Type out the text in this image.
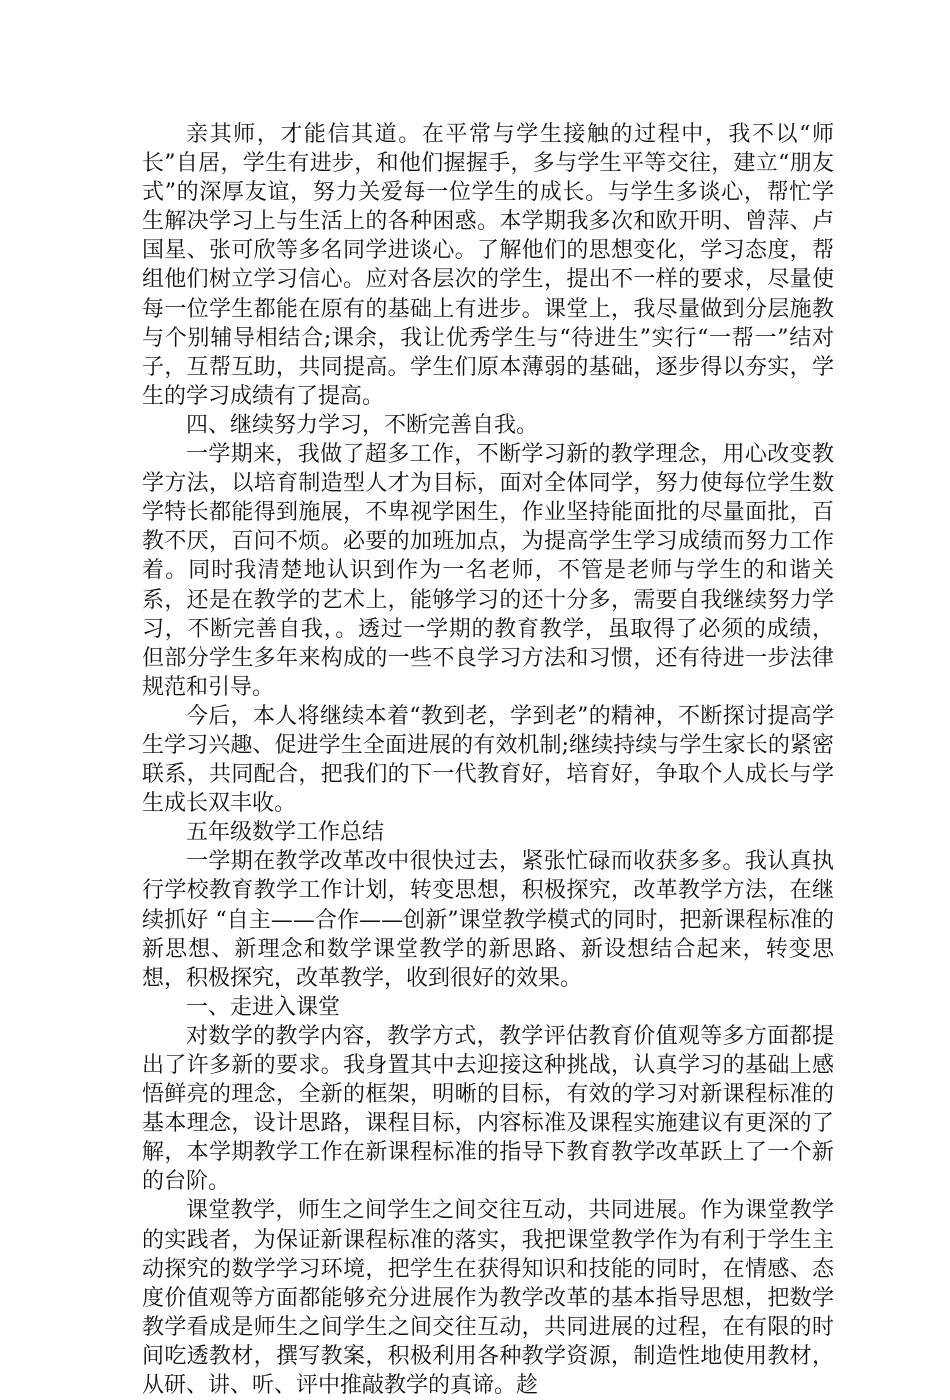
亲其师，才能信其道。在平常与学生接触的过程中，我不以“师长”自居，学生有进步，和他们握握手，多与学生平等交往，建立“朋友式”的深厚友谊，努力关爱每一位学生的成长。与学生多谈心，帮忙学生解决学习上与生活上的各种困惑。本学期我多次和欧开明、曾萍、卢国星、张可欣等多名同学进谈心。了解他们的思想变化，学习态度，帮组他们树立学习信心。应对各层次的学生，提出不一样的要求，尽量使每一位学生都能在原有的基础上有进步。课堂上，我尽量做到分层施教与个别辅导相结合;课余，我让优秀学生与“待进生”实行“一帮一”结对子，互帮互助，共同提高。学生们原本薄弱的基础，逐步得以夯实，学生的学习成绩有了提高。

四、继续努力学习，不断完善自我。

一学期来，我做了超多工作，不断学习新的教学理念，用心改变教学方法，以培育制造型人才为目标，面对全体同学，努力使每位学生数学特长都能得到施展，不卑视学困生，作业坚持能面批的尽量面批，百教不厌，百问不烦。必要的加班加点，为提高学生学习成绩而努力工作着。同时我清楚地认识到作为一名老师，不管是老师与学生的和谐关系，还是在教学的艺术上，能够学习的还十分多，需要自我继续努力学习，不断完善自我，。透过一学期的教育教学，虽取得了必须的成绩，但部分学生多年来构成的一些不良学习方法和习惯，还有待进一步法律规范和引导。

今后，本人将继续本着“教到老，学到老”的精神，不断探讨提高学生学习兴趣、促进学生全面进展的有效机制;继续持续与学生家长的紧密联系，共同配合，把我们的下一代教育好，培育好，争取个人成长与学生成长双丰收。

五年级数学工作总结

一学期在教学改革改中很快过去，紧张忙碌而收获多多。我认真执行学校教育教学工作计划，转变思想，积极探究，改革教学方法，在继续抓好 “自主——合作——创新”课堂教学模式的同时，把新课程标准的新思想、新理念和数学课堂教学的新思路、新设想结合起来，转变思想，积极探究，改革教学，收到很好的效果。

一、走进入课堂

对数学的教学内容，教学方式，教学评估教育价值观等多方面都提出了许多新的要求。我身置其中去迎接这种挑战，认真学习的基础上感悟鲜亮的理念，全新的框架，明晰的目标，有效的学习对新课程标准的基本理念，设计思路，课程目标，内容标准及课程实施建议有更深的了解，本学期教学工作在新课程标准的指导下教育教学改革跃上了一个新的台阶。

课堂教学，师生之间学生之间交往互动，共同进展。作为课堂教学的实践者，为保证新课程标准的落实，我把课堂教学作为有利于学生主动探究的数学学习环境，把学生在获得知识和技能的同时，在情感、态度价值观等方面都能够充分进展作为教学改革的基本指导思想，把数学教学看成是师生之间学生之间交往互动，共同进展的过程，在有限的时间吃透教材，撰写教案，积极利用各种教学资源，制造性地使用教材，从研、讲、听、评中推敲教学的真谛。趁
